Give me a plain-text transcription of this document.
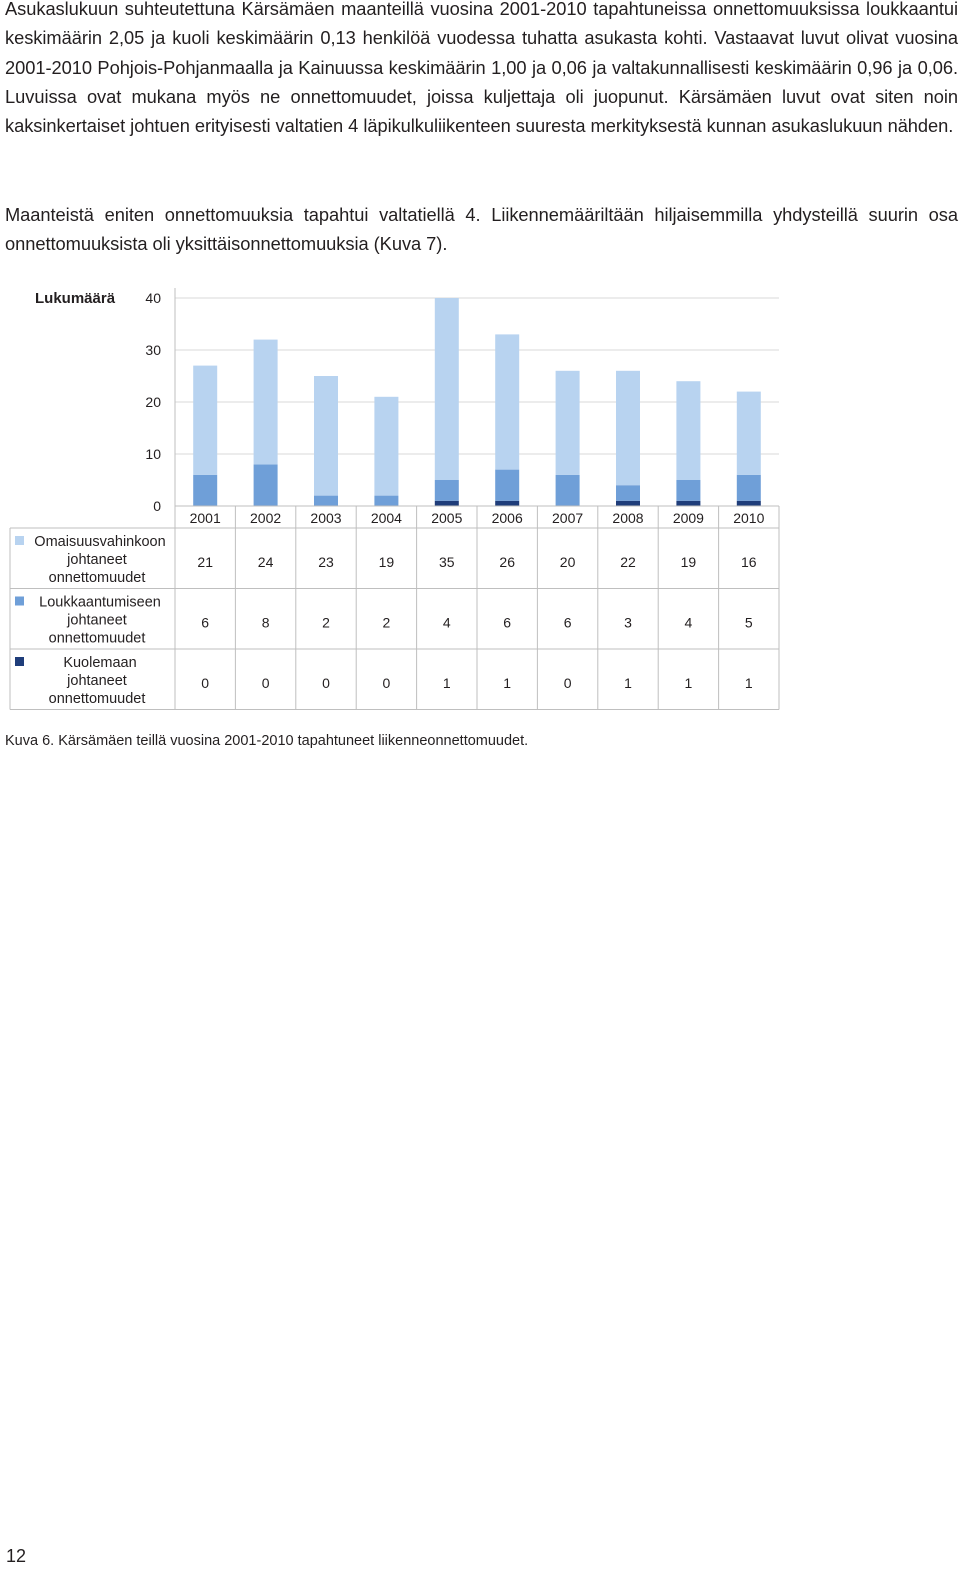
Asukaslukuun suhteutettuna Kärsämäen maanteillä vuosina 2001-2010 tapahtuneissa onnettomuuksissa loukkaantui keskimäärin 2,05 ja kuoli keskimäärin 0,13 henkilöä vuodessa tuhatta asukasta kohti. Vastaavat luvut olivat vuosina 2001-2010 Pohjois-Pohjanmaalla ja Kainuussa keskimäärin 1,00 ja 0,06 ja valtakunnallisesti keskimäärin 0,96 ja 0,06. Luvuissa ovat mukana myös ne onnettomuudet, joissa kuljettaja oli juopunut. Kärsämäen luvut ovat siten noin kaksinkertaiset johtuen erityisesti valtatien 4 läpikulkuliikenteen suuresta merkityksestä kunnan asukaslukuun nähden.

Maanteistä eniten onnettomuuksia tapahtui valtatiellä 4. Liikennemääriltään hiljaisemmilla yhdysteillä suurin osa onnettomuuksista oli yksittäisonnettomuuksia (Kuva 7).

40
30
20
10
0
Lukumäärä
2001 2002 2003 2004 2005 2006 2007 2008 2009 2010
Omaisuusvahinkoon
johtaneet
onnettomuudet
21	24	23	19	35	26	20	22	19	16
Loukkaantumiseen
johtaneet
onnettomuudet
6	8	2	2	4	6	6	3	4	5
Kuolemaan
johtaneet
onnettomuudet
0	0	0	0	1	1	0	1	1	1
Kuva 6. Kärsämäen teillä vuosina 2001-2010 tapahtuneet liikenneonnettomuudet.
12
